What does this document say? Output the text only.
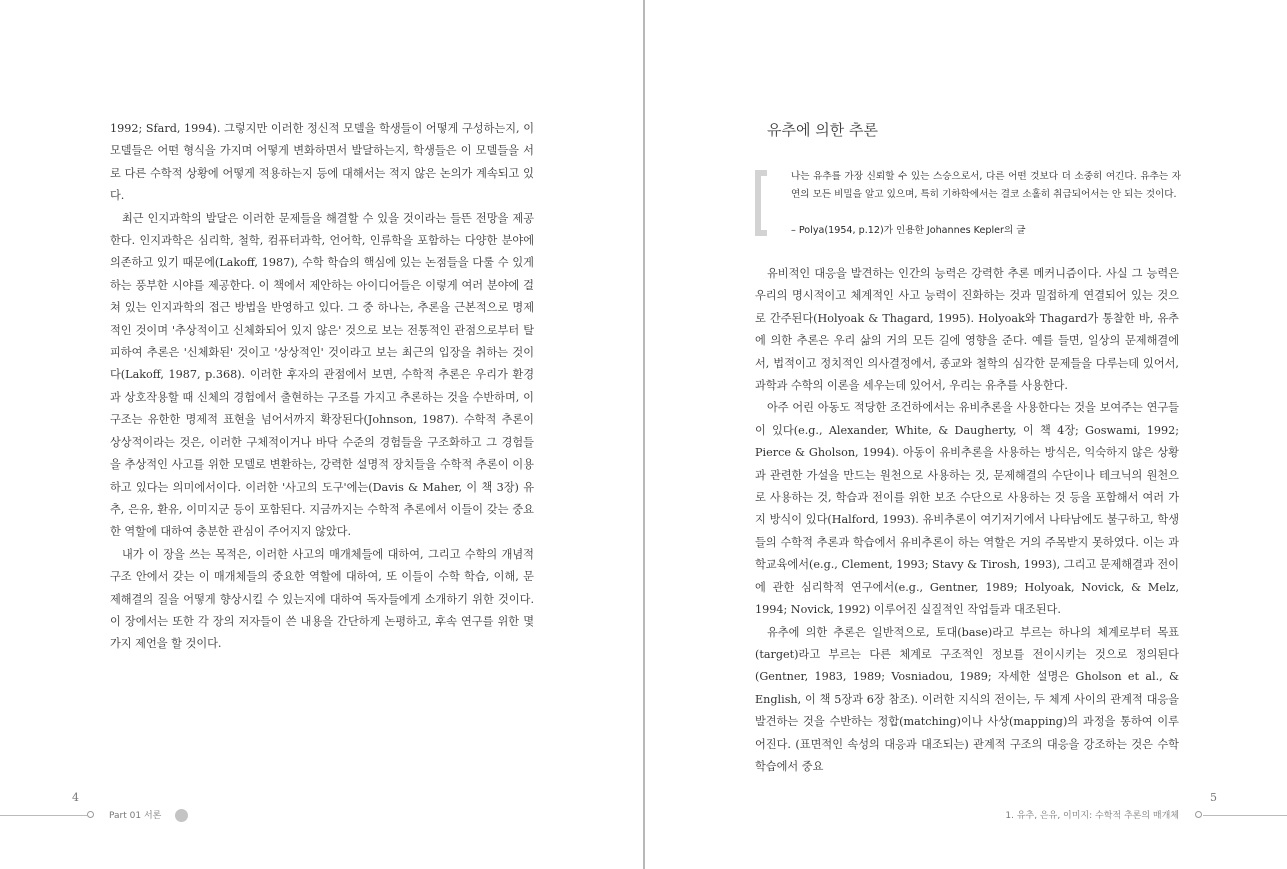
1992; Sfard, 1994). 그렇지만 이러한 정신적 모델을 학생들이 어떻게 구성하는지, 이 모델들은 어떤 형식을 가지며 어떻게 변화하면서 발달하는지, 학생들은 이 모델들을 서로 다른 수학적 상황에 어떻게 적용하는지 등에 대해서는 적지 않은 논의가 계속되고 있다.

최근 인지과학의 발달은 이러한 문제들을 해결할 수 있을 것이라는 들뜬 전망을 제공한다. 인지과학은 심리학, 철학, 컴퓨터과학, 언어학, 인류학을 포함하는 다양한 분야에 의존하고 있기 때문에(Lakoff, 1987), 수학 학습의 핵심에 있는 논점들을 다룰 수 있게 하는 풍부한 시야를 제공한다. 이 책에서 제안하는 아이디어들은 이렇게 여러 분야에 걸쳐 있는 인지과학의 접근 방법을 반영하고 있다. 그 중 하나는, 추론을 근본적으로 명제적인 것이며 '추상적이고 신체화되어 있지 않은' 것으로 보는 전통적인 관점으로부터 탈피하여 추론은 '신체화된' 것이고 '상상적인' 것이라고 보는 최근의 입장을 취하는 것이다(Lakoff, 1987, p.368). 이러한 후자의 관점에서 보면, 수학적 추론은 우리가 환경과 상호작용할 때 신체의 경험에서 출현하는 구조를 가지고 추론하는 것을 수반하며, 이 구조는 유한한 명제적 표현을 넘어서까지 확장된다(Johnson, 1987). 수학적 추론이 상상적이라는 것은, 이러한 구체적이거나 바닥 수준의 경험들을 구조화하고 그 경험들을 추상적인 사고를 위한 모델로 변환하는, 강력한 설명적 장치들을 수학적 추론이 이용하고 있다는 의미에서이다. 이러한 '사고의 도구'에는(Davis & Maher, 이 책 3장) 유추, 은유, 환유, 이미지군 등이 포함된다. 지금까지는 수학적 추론에서 이들이 갖는 중요한 역할에 대하여 충분한 관심이 주어지지 않았다.

내가 이 장을 쓰는 목적은, 이러한 사고의 매개체들에 대하여, 그리고 수학의 개념적 구조 안에서 갖는 이 매개체들의 중요한 역할에 대하여, 또 이들이 수학 학습, 이해, 문제해결의 질을 어떻게 향상시킬 수 있는지에 대하여 독자들에게 소개하기 위한 것이다. 이 장에서는 또한 각 장의 저자들이 쓴 내용을 간단하게 논평하고, 후속 연구를 위한 몇 가지 제언을 할 것이다.

4
Part 01 서론
유추에 의한 추론

나는 유추를 가장 신뢰할 수 있는 스승으로서, 다른 어떤 것보다 더 소중히 여긴다. 유추는 자연의 모든 비밀을 알고 있으며, 특히 기하학에서는 결코 소홀히 취급되어서는 안 되는 것이다.

– Polya(1954, p.12)가 인용한 Johannes Kepler의 글

유비적인 대응을 발견하는 인간의 능력은 강력한 추론 메커니즘이다. 사실 그 능력은 우리의 명시적이고 체계적인 사고 능력이 진화하는 것과 밀접하게 연결되어 있는 것으로 간주된다(Holyoak & Thagard, 1995). Holyoak와 Thagard가 통찰한 바, 유추에 의한 추론은 우리 삶의 거의 모든 길에 영향을 준다. 예를 들면, 일상의 문제해결에서, 법적이고 정치적인 의사결정에서, 종교와 철학의 심각한 문제들을 다루는데 있어서, 과학과 수학의 이론을 세우는데 있어서, 우리는 유추를 사용한다.

아주 어린 아동도 적당한 조건하에서는 유비추론을 사용한다는 것을 보여주는 연구들이 있다(e.g., Alexander, White, & Daugherty, 이 책 4장; Goswami, 1992; Pierce & Gholson, 1994). 아동이 유비추론을 사용하는 방식은, 익숙하지 않은 상황과 관련한 가설을 만드는 원천으로 사용하는 것, 문제해결의 수단이나 테크닉의 원천으로 사용하는 것, 학습과 전이를 위한 보조 수단으로 사용하는 것 등을 포함해서 여러 가지 방식이 있다(Halford, 1993). 유비추론이 여기저기에서 나타남에도 불구하고, 학생들의 수학적 추론과 학습에서 유비추론이 하는 역할은 거의 주목받지 못하였다. 이는 과학교육에서(e.g., Clement, 1993; Stavy & Tirosh, 1993), 그리고 문제해결과 전이에 관한 심리학적 연구에서(e.g., Gentner, 1989; Holyoak, Novick, & Melz, 1994; Novick, 1992) 이루어진 실질적인 작업들과 대조된다.

유추에 의한 추론은 일반적으로, 토대(base)라고 부르는 하나의 체계로부터 목표(target)라고 부르는 다른 체계로 구조적인 정보를 전이시키는 것으로 정의된다(Gentner, 1983, 1989; Vosniadou, 1989; 자세한 설명은 Gholson et al., & English, 이 책 5장과 6장 참조). 이러한 지식의 전이는, 두 체계 사이의 관계적 대응을 발견하는 것을 수반하는 정합(matching)이나 사상(mapping)의 과정을 통하여 이루어진다. (표면적인 속성의 대응과 대조되는) 관계적 구조의 대응을 강조하는 것은 수학 학습에서 중요

5
1. 유추, 은유, 이미지: 수학적 추론의 매개체
